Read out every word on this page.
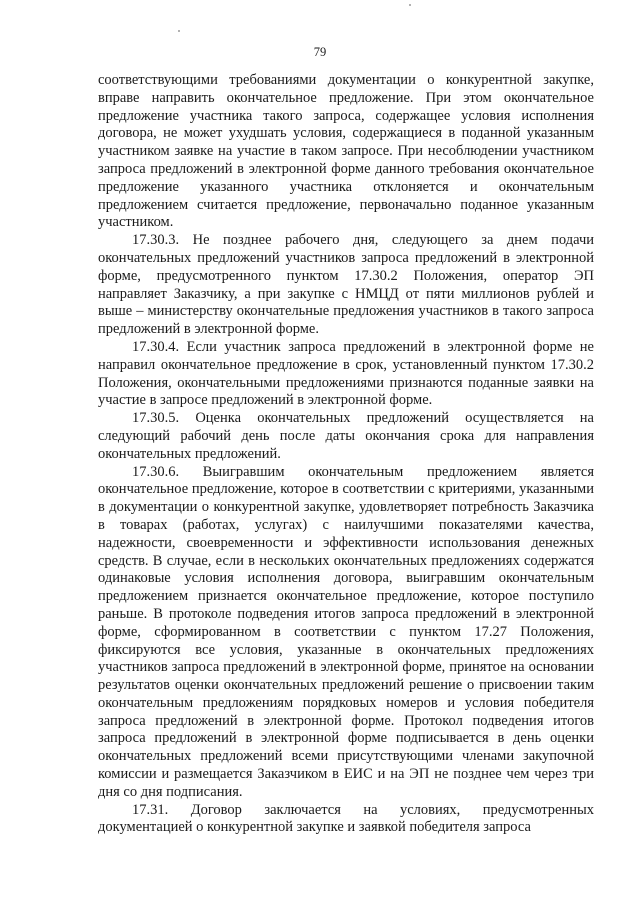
79

соответствующими требованиями документации о конкурентной закупке, вправе направить окончательное предложение. При этом окончательное предложение участника такого запроса, содержащее условия исполнения договора, не может ухудшать условия, содержащиеся в поданной указанным участником заявке на участие в таком запросе. При несоблюдении участником запроса предложений в электронной форме данного требования окончательное предложение указанного участника отклоняется и окончательным предложением считается предложение, первоначально поданное указанным участником.

17.30.3. Не позднее рабочего дня, следующего за днем подачи окончательных предложений участников запроса предложений в электронной форме, предусмотренного пунктом 17.30.2 Положения, оператор ЭП направляет Заказчику, а при закупке с НМЦД от пяти миллионов рублей и выше – министерству окончательные предложения участников в такого запроса предложений в электронной форме.

17.30.4. Если участник запроса предложений в электронной форме не направил окончательное предложение в срок, установленный пунктом 17.30.2 Положения, окончательными предложениями признаются поданные заявки на участие в запросе предложений в электронной форме.

17.30.5. Оценка окончательных предложений осуществляется на следующий рабочий день после даты окончания срока для направления окончательных предложений.

17.30.6. Выигравшим окончательным предложением является окончательное предложение, которое в соответствии с критериями, указанными в документации о конкурентной закупке, удовлетворяет потребность Заказчика в товарах (работах, услугах) с наилучшими показателями качества, надежности, своевременности и эффективности использования денежных средств. В случае, если в нескольких окончательных предложениях содержатся одинаковые условия исполнения договора, выигравшим окончательным предложением признается окончательное предложение, которое поступило раньше. В протоколе подведения итогов запроса предложений в электронной форме, сформированном в соответствии с пунктом 17.27 Положения, фиксируются все условия, указанные в окончательных предложениях участников запроса предложений в электронной форме, принятое на основании результатов оценки окончательных предложений решение о присвоении таким окончательным предложениям порядковых номеров и условия победителя запроса предложений в электронной форме. Протокол подведения итогов запроса предложений в электронной форме подписывается в день оценки окончательных предложений всеми присутствующими членами закупочной комиссии и размещается Заказчиком в ЕИС и на ЭП не позднее чем через три дня со дня подписания.

17.31. Договор заключается на условиях, предусмотренных документацией о конкурентной закупке и заявкой победителя запроса
